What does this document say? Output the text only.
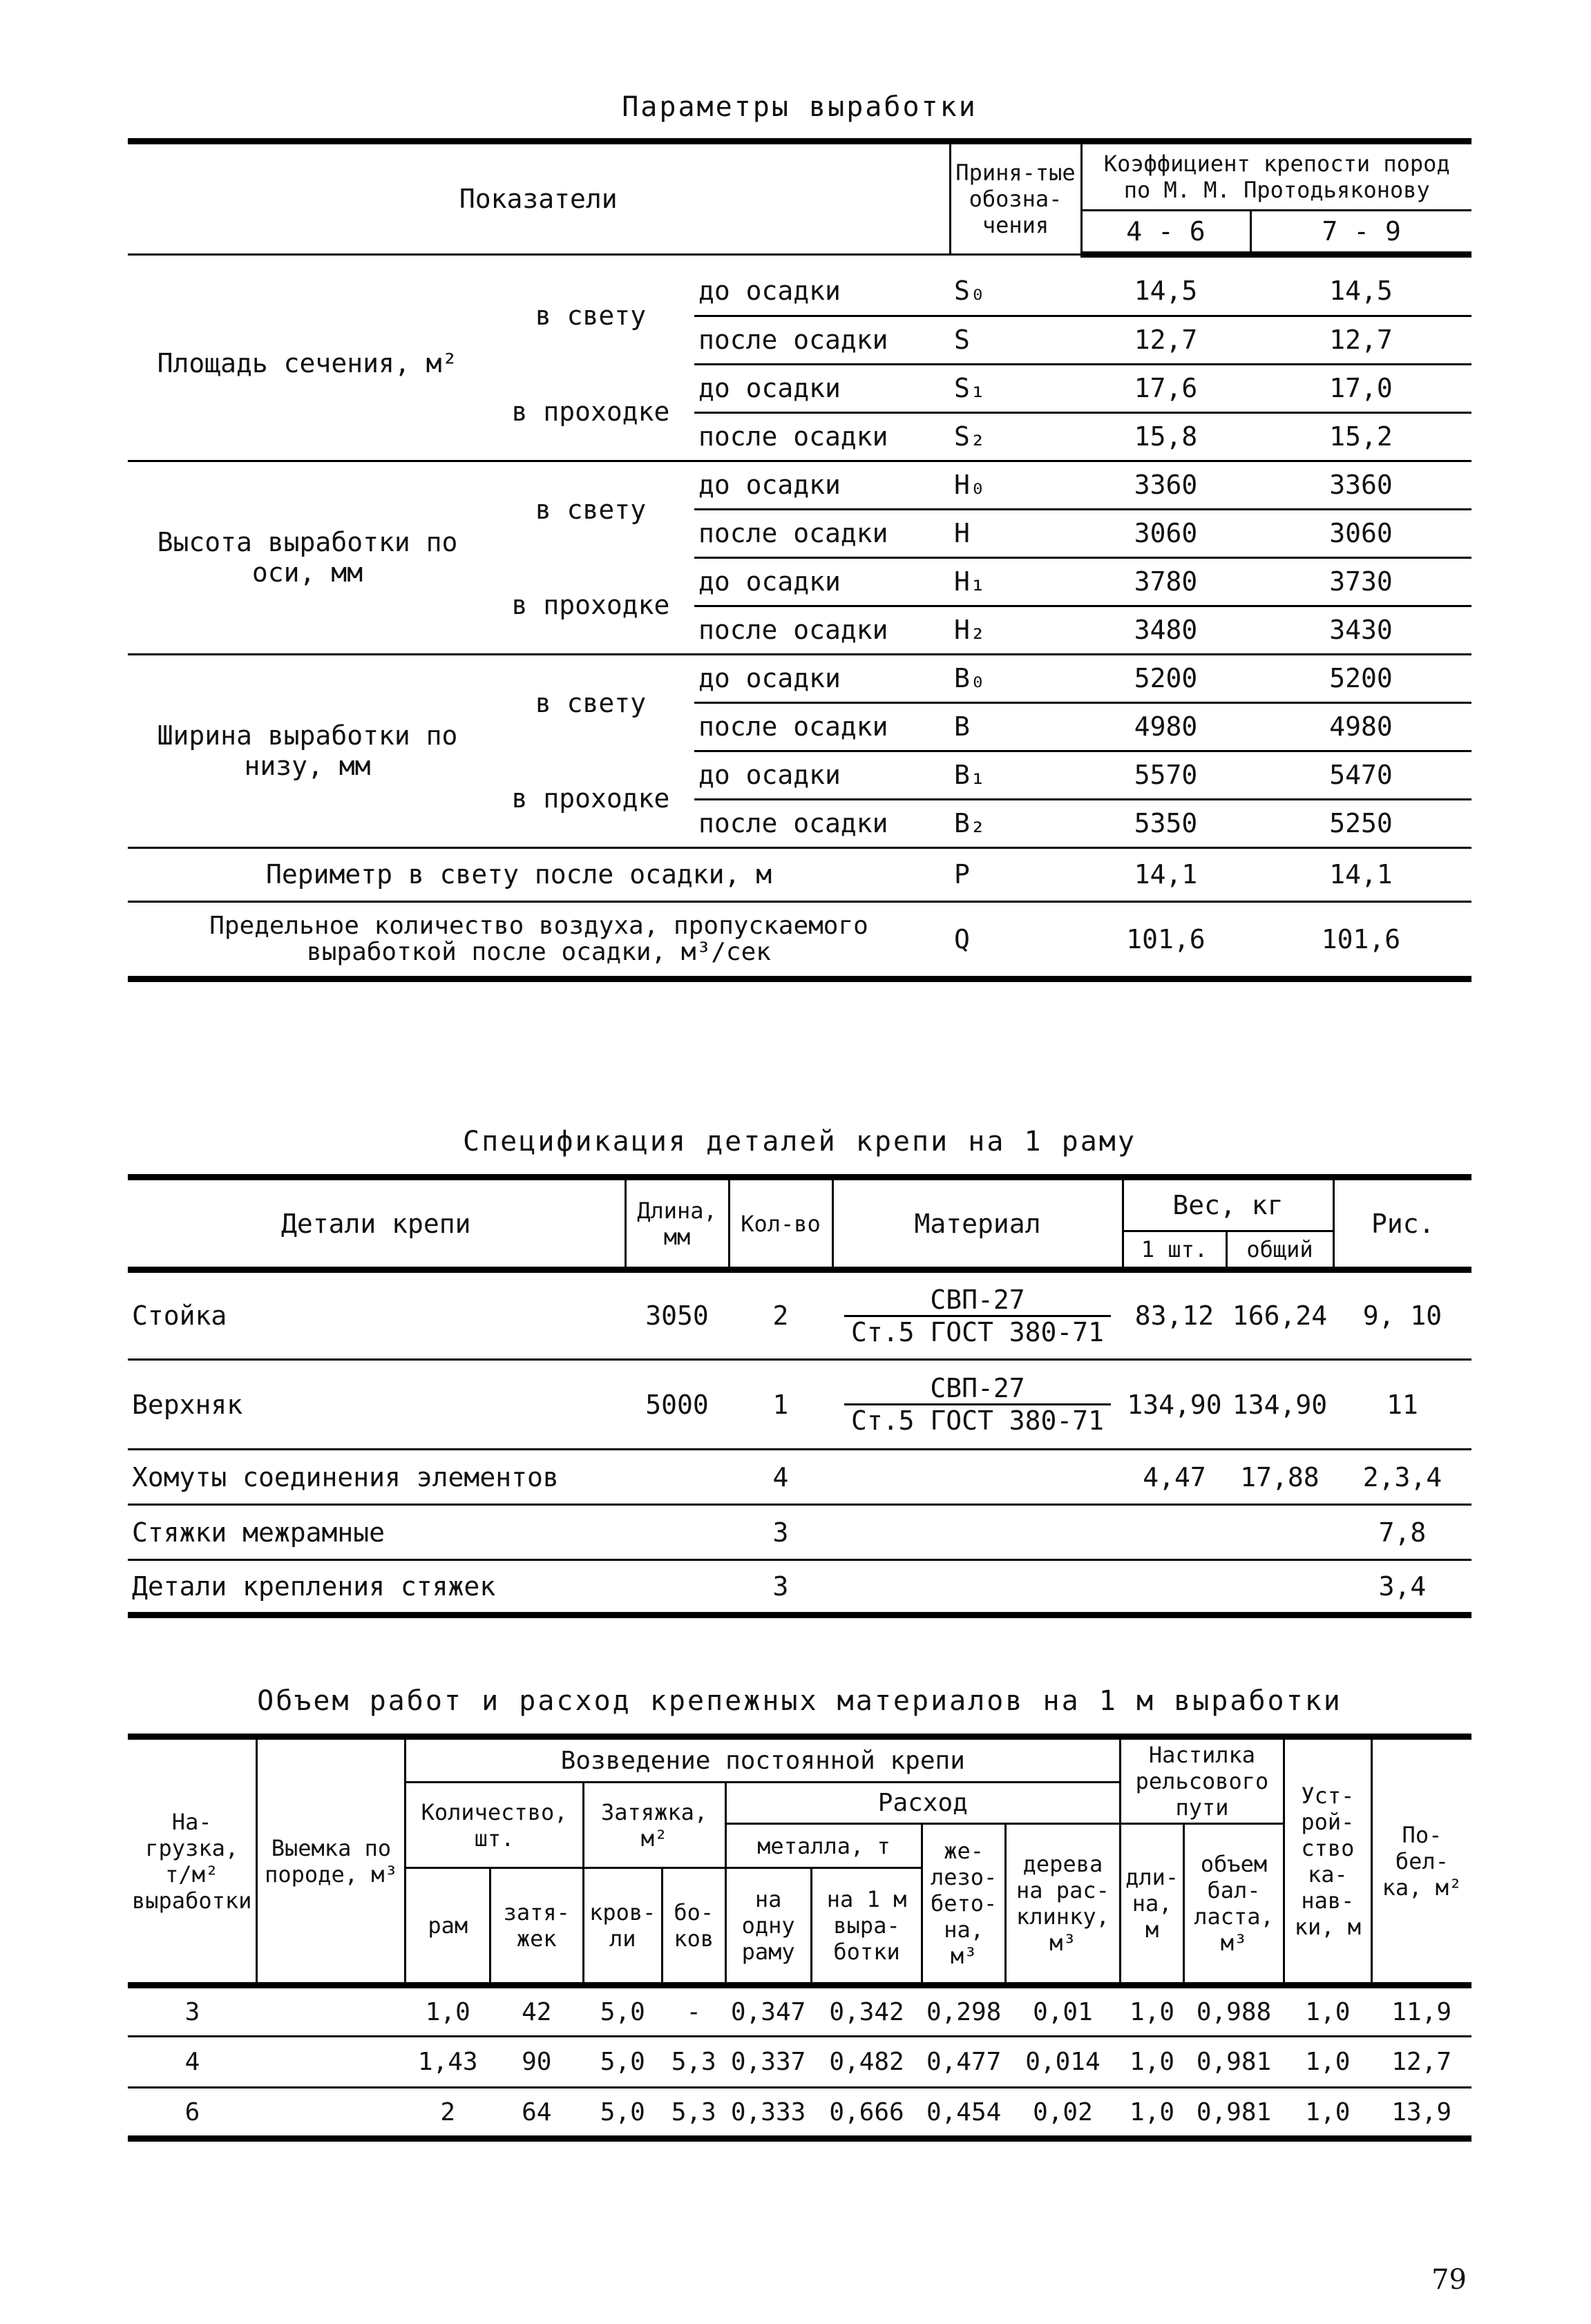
Параметры выработки
Показатели			Приня-тые обозна-чения	Коэффициент крепости пород по М. М. Протодьяконову	
				4 - 6	7 - 9

Площадь сечения, м²	в свету	до осадки	S₀	14,5	14,5
		после осадки	S	12,7	12,7
	в проходке	до осадки	S₁	17,6	17,0
		после осадки	S₂	15,8	15,2
Высота выработки по оси, мм	в свету	до осадки	H₀	3360	3360
		после осадки	H	3060	3060
	в проходке	до осадки	H₁	3780	3730
		после осадки	H₂	3480	3430
Ширина выработки по низу, мм	в свету	до осадки	B₀	5200	5200
		после осадки	B	4980	4980
	в проходке	до осадки	B₁	5570	5470
		после осадки	B₂	5350	5250
Периметр в свету после осадки, м			Р	14,1	14,1
Предельное количество воздуха, пропускаемого выработкой после осадки, м³/сек			Q	101,6	101,6
Спецификация деталей крепи на 1 раму
Детали крепи	Длина, мм	Кол-во	Материал	Вес, кг		Рис.
				1 шт.	общий	
Стойка	3050	2	$\frac{\text{СВП-27}}{\text{Ст.5 ГОСТ 380-71}}$	83,12	166,24	9, 10
Верхняк	5000	1	$\frac{\text{СВП-27}}{\text{Ст.5 ГОСТ 380-71}}$	134,90	134,90	11
Хомуты соединения элементов		4		4,47	17,88	2,3,4
Стяжки межрамные		3				7,8
Детали крепления стяжек		3				3,4
Объем работ и расход крепежных материалов на 1 м выработки
На-грузка, т/м² выработки	Выемка по породе, м³	Возведение постоянной крепи								Настилка рельсового пути		Уст-рой-ство ка-нав-ки, м	По-бел-ка, м²
		Количество, шт.		Затяжка, м²		Расход							
						металла, т		же-лезо-бето-на, м³	дерева на рас-клинку, м³	дли-на, м	объем бал-ласта, м³		
		рам	затя-жек	кров-ли	бо-ков	на одну раму	на 1 м выра-ботки						
3		1,0	42	5,0	-	0,347	0,342	0,298	0,01	1,0	0,988	1,0	11,9
4		1,43	90	5,0	5,3	0,337	0,482	0,477	0,014	1,0	0,981	1,0	12,7
6		2	64	5,0	5,3	0,333	0,666	0,454	0,02	1,0	0,981	1,0	13,9
79
